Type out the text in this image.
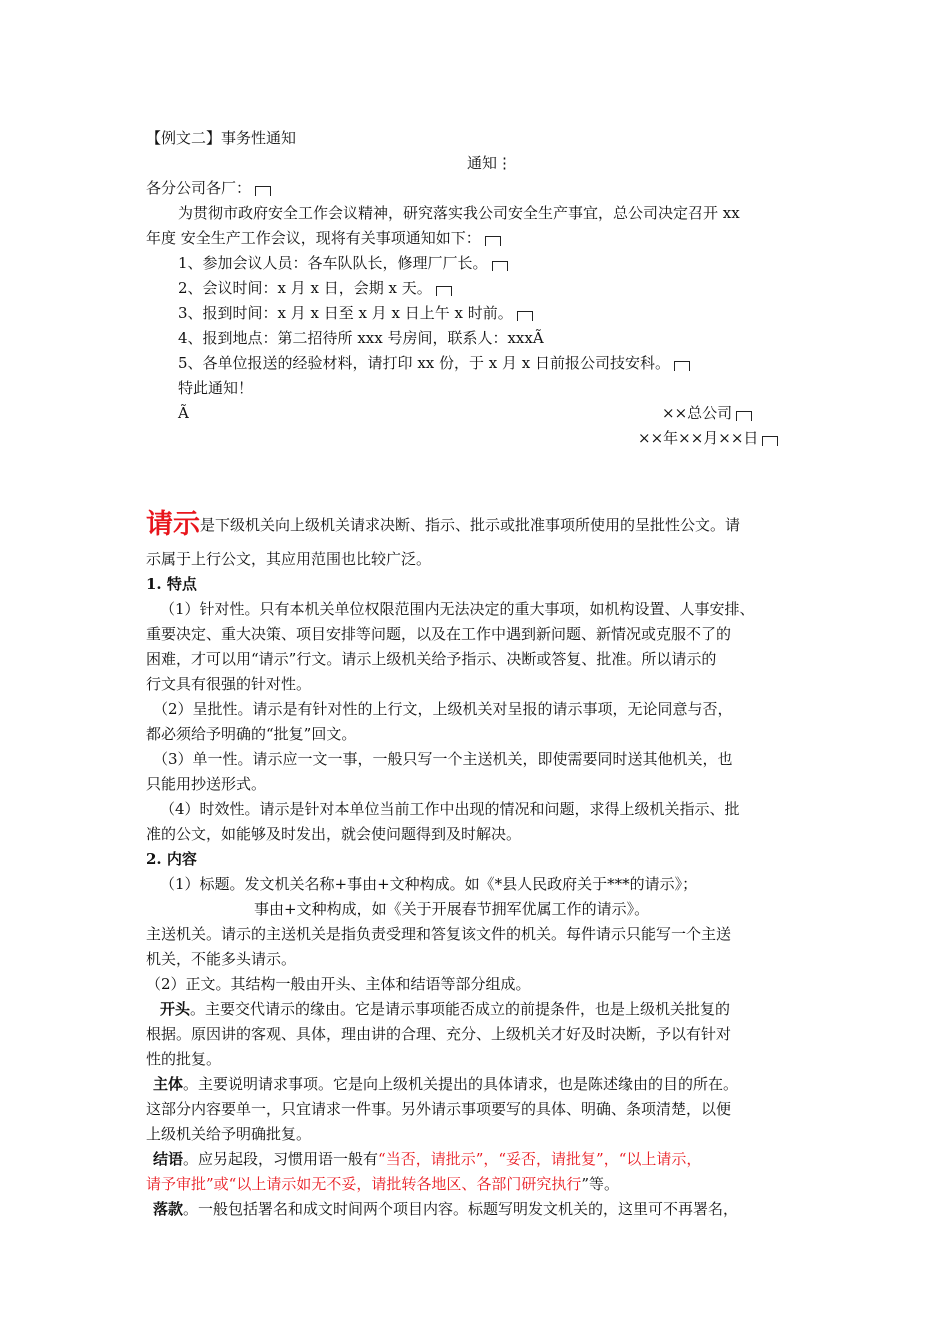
【例文二】事务性通知
通知⋮
各分公司各厂：
为贯彻市政府安全工作会议精神，研究落实我公司安全生产事宜，总公司决定召开 xx
年度 安全生产工作会议，现将有关事项通知如下：
1、参加会议人员：各车队队长，修理厂厂长。
2、会议时间：x 月 x 日，会期 x 天。
3、报到时间：x 月 x 日至 x 月 x 日上午 x 时前。
4、报到地点：第二招待所 xxx 号房间，联系人：xxxÃ
5、各单位报送的经验材料，请打印 xx 份，于 x 月 x 日前报公司技安科。
特此通知！
Ã	××总公司
××年××月××日
请示是下级机关向上级机关请求决断、指示、批示或批准事项所使用的呈批性公文。请
示属于上行公文，其应用范围也比较广泛。
1. 特点
（1）针对性。只有本机关单位权限范围内无法决定的重大事项，如机构设置、人事安排、
重要决定、重大决策、项目安排等问题，以及在工作中遇到新问题、新情况或克服不了的
困难，才可以用“请示”行文。请示上级机关给予指示、决断或答复、批准。所以请示的
行文具有很强的针对性。
（2）呈批性。请示是有针对性的上行文，上级机关对呈报的请示事项，无论同意与否，
都必须给予明确的“批复”回文。
（3）单一性。请示应一文一事，一般只写一个主送机关，即使需要同时送其他机关，也
只能用抄送形式。
（4）时效性。请示是针对本单位当前工作中出现的情况和问题，求得上级机关指示、批
准的公文，如能够及时发出，就会使问题得到及时解决。
2. 内容
（1）标题。发文机关名称+事由+文种构成。如《*县人民政府关于***的请示》；
事由+文种构成，如《关于开展春节拥军优属工作的请示》。
主送机关。请示的主送机关是指负责受理和答复该文件的机关。每件请示只能写一个主送
机关，不能多头请示。
（2）正文。其结构一般由开头、主体和结语等部分组成。
开头。主要交代请示的缘由。它是请示事项能否成立的前提条件，也是上级机关批复的
根据。原因讲的客观、具体，理由讲的合理、充分、上级机关才好及时决断，予以有针对
性的批复。
主体。主要说明请求事项。它是向上级机关提出的具体请求，也是陈述缘由的目的所在。
这部分内容要单一，只宜请求一件事。另外请示事项要写的具体、明确、条项清楚，以便
上级机关给予明确批复。
结语。应另起段，习惯用语一般有“当否，请批示”，“妥否，请批复”，“以上请示，
请予审批”或“以上请示如无不妥，请批转各地区、各部门研究执行”等。
落款。一般包括署名和成文时间两个项目内容。标题写明发文机关的，这里可不再署名，
